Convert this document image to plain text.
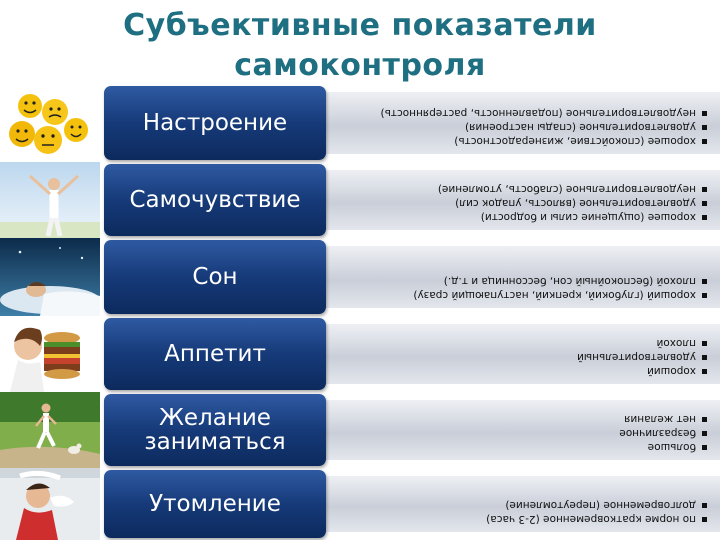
Субъективные показатели
самоконтроля
Настроение
хорошее (спокойствие, жизнерадостность)
удовлетворительное (спады настроения)
неудовлетворительное (подавленность, растерянность)
Самочувствие
хорошее (ощущение силы и бодрости)
удовлетворительное (вялость, упадок сил)
неудовлетворительное (слабость, утомление)
Сон
хороший (глубокий, крепкий, наступающий сразу)
плохой (беспокойный сон, бессонница и т.д.)
Аппетит
хороший
удовлетворительный
плохой
Желание заниматься	большое
безразличное
нет желания
Утомление
по норме кратковременное (2-3 часа)
долговременное (переутомление)
